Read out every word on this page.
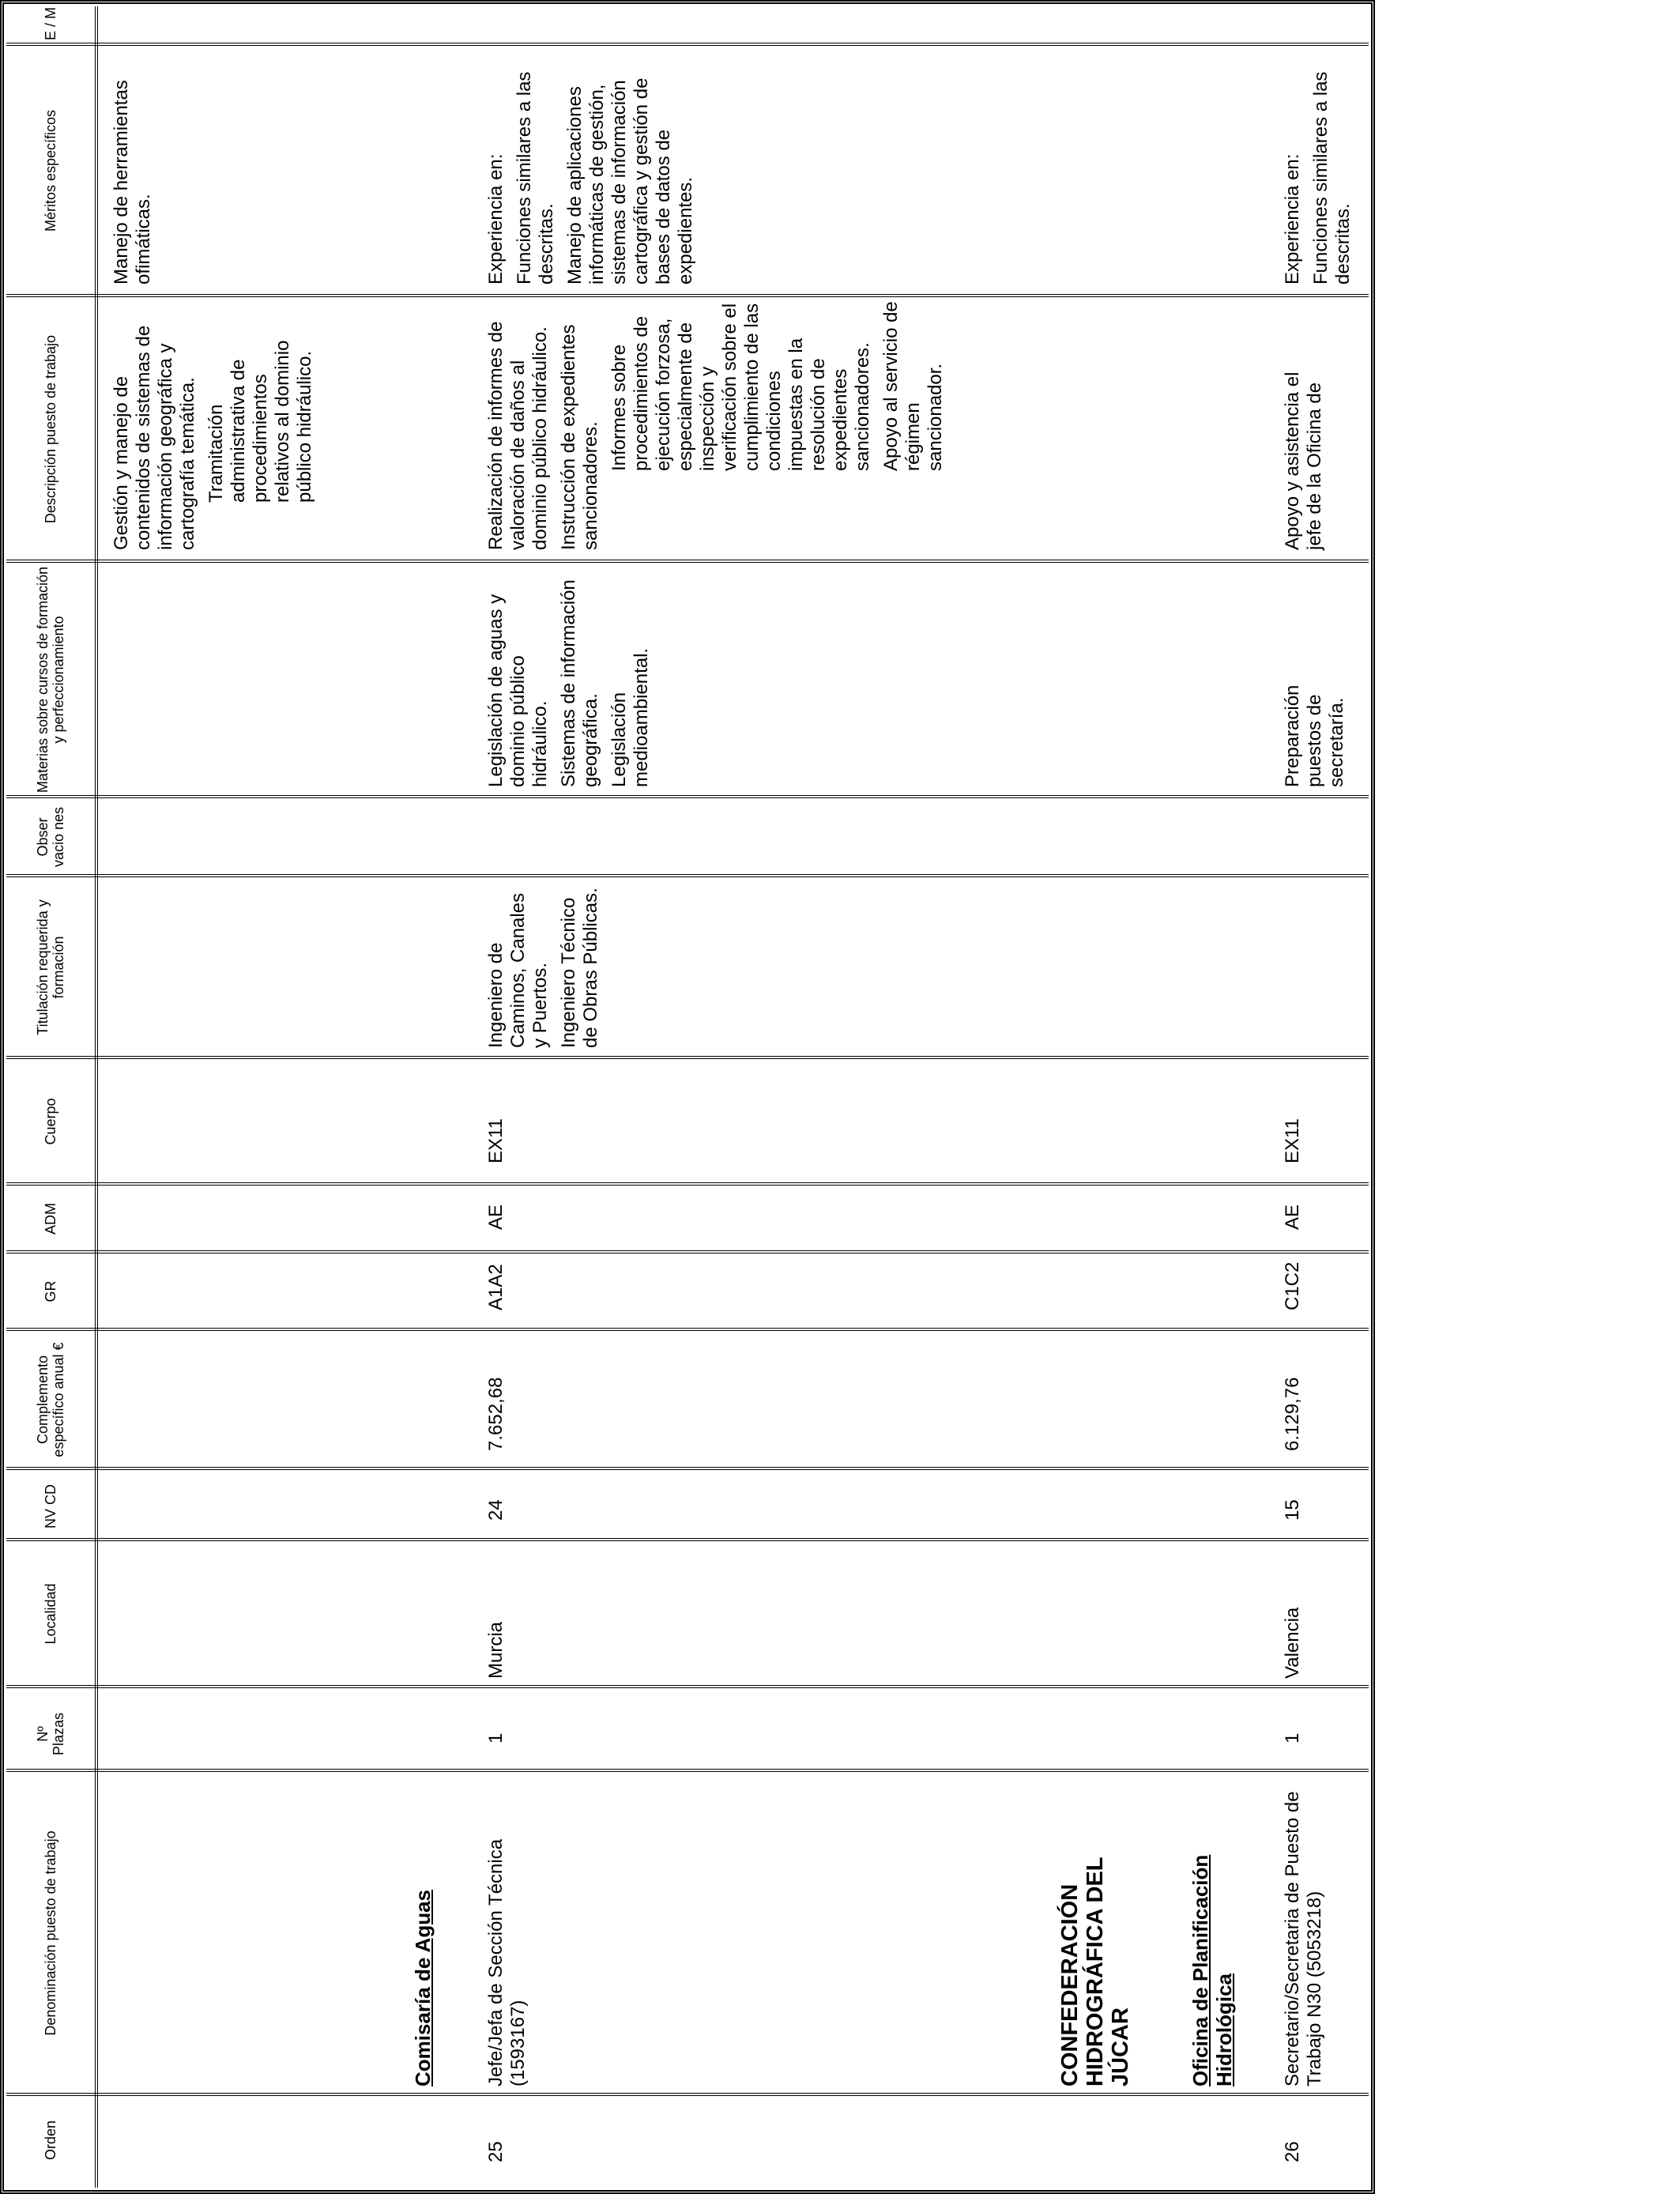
Orden
Denominación puesto de trabajo
Nº Plazas
Localidad
NV CD
Complemento específico anual €
GR
ADM
Cuerpo
Titulación requerida y formación
Obser vacio nes
Materias sobre cursos de formación y perfeccionamiento
Descripción puesto de trabajo
Méritos específicos
E / M

Gestión y manejo de contenidos de sistemas de información geográfica y cartografía temática. Tramitación administrativa de procedimientos relativos al dominio público hidráulico.

Manejo de herramientas ofimáticas.

Comisaría de Aguas
25
Jefe/Jefa de Sección Técnica (1593167)
1
Murcia
24
7.652,68
A1A2
AE
EX11

Ingeniero de Caminos, Canales y Puertos. Ingeniero Técnico de Obras Públicas.

Legislación de aguas y dominio público hidráulico. Sistemas de información geográfica. Legislación medioambiental.

Realización de informes de valoración de daños al dominio público hidráulico. Instrucción de expedientes sancionadores.

Informes sobre procedimientos de ejecución forzosa, especialmente de inspección y verificación sobre el cumplimiento de las condiciones impuestas en la resolución de expedientes sancionadores. Apoyo al servicio de régimen sancionador.

Experiencia en: Funciones similares a las descritas. Manejo de aplicaciones informáticas de gestión, sistemas de información cartográfica y gestión de bases de datos de expedientes.

CONFEDERACIÓN HIDROGRÁFICA DEL JÚCAR	Oficina de Planificación Hidrológica
26
Secretario/Secretaria de Puesto de Trabajo N30 (5053218)
1
Valencia
15
6.129,76
C1C2
AE
EX11

Preparación puestos de secretaría.

Apoyo y asistencia el jefe de la Oficina de

Experiencia en: Funciones similares a las descritas.
